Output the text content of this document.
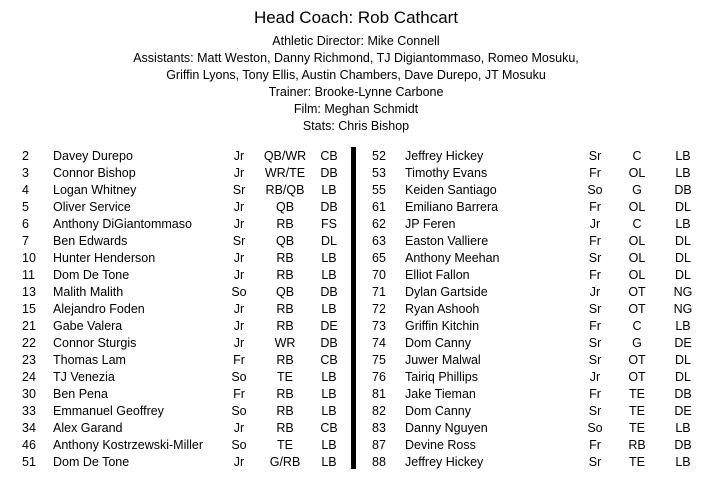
Head Coach: Rob Cathcart
Athletic Director: Mike Connell
Assistants: Matt Weston, Danny Richmond, TJ Digiantommaso, Romeo Mosuku,
Griffin Lyons, Tony Ellis, Austin Chambers, Dave Durepo, JT Mosuku
Trainer: Brooke-Lynne Carbone
Film: Meghan Schmidt
Stats: Chris Bishop
2 Davey Durepo	Jr	QB/WR	CB
3 Connor Bishop	Jr	WR/TE	DB
4 Logan Whitney	Sr	RB/QB	LB
5 Oliver Service	Jr	QB	DB
6 Anthony DiGiantommaso	Jr	RB	FS
7 Ben Edwards	Sr	QB	DL
10 Hunter Henderson	Jr	RB	LB
11 Dom De Tone	Jr	RB	LB
13 Malith Malith	So	QB	DB
15 Alejandro Foden	Jr	RB	LB
21 Gabe Valera	Jr	RB	DE
22 Connor Sturgis	Jr	WR	DB
23 Thomas Lam	Fr	RB	CB
24 TJ Venezia	So	TE	LB
30 Ben Pena	Fr	RB	LB
33 Emmanuel Geoffrey	So	RB	LB
34 Alex Garand	Jr	RB	CB
46 Anthony Kostrzewski-Miller	So	TE	LB
51 Dom De Tone	Jr	G/RB	LB
52 Jeffrey Hickey	Sr	C	LB
53 Timothy Evans	Fr	OL	LB
55 Keiden Santiago	So	G	DB
61 Emiliano Barrera	Fr	OL	DL
62 JP Feren	Jr	C	LB
63 Easton Valliere	Fr	OL	DL
65 Anthony Meehan	Sr	OL	DL
70 Elliot Fallon	Fr	OL	DL
71 Dylan Gartside	Jr	OT	NG
72 Ryan Ashooh	Sr	OT	NG
73 Griffin Kitchin	Fr	C	LB
74 Dom Canny	Sr	G	DE
75 Juwer Malwal	Sr	OT	DL
76 Tairiq Phillips	Jr	OT	DL
81 Jake Tieman	Fr	TE	DB
82 Dom Canny	Sr	TE	DE
83 Danny Nguyen	So	TE	LB
87 Devine Ross	Fr	RB	DB
88 Jeffrey Hickey	Sr	TE	LB
